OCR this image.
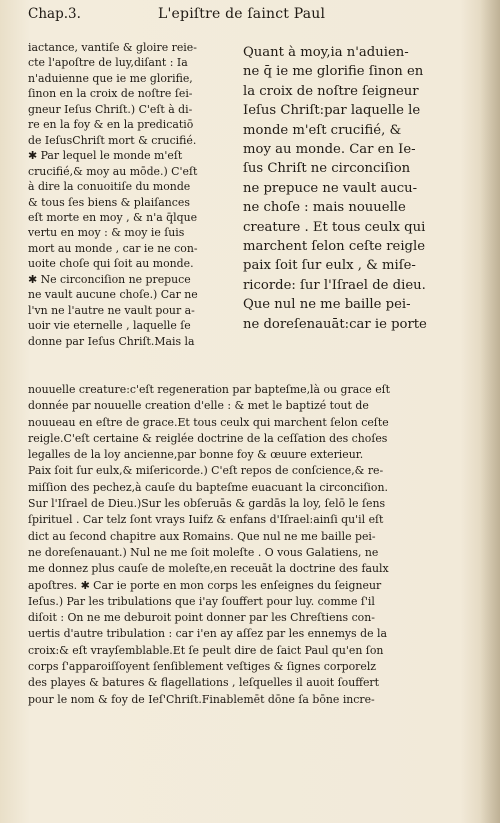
Chap.3.	L'epiſtre de ſainct Paul
iactance, vantiſe & gloire reie-
cte l'apoſtre de luy,diſant : Ia
n'aduienne que ie me glorifie,
ſinon en la croix de noſtre ſei-
gneur Ieſus Chriſt.) C'eſt à di-
re en la foy & en la predicatiō
de IeſusChriſt mort & crucifié.
✱ Par lequel le monde m'eſt
crucifié,& moy au mōde.) C'eſt
à dire la conuoitiſe du monde
& tous ſes biens & plaiſances
eſt morte en moy , & n'a q̄lque
vertu en moy : & moy ie ſuis
mort au monde , car ie ne con-
uoite choſe qui ſoit au monde.
✱ Ne circonciſion ne prepuce
ne vault aucune choſe.) Car ne
l'vn ne l'autre ne vault pour a-
uoir vie eternelle , laquelle ſe
donne par Ieſus Chriſt.Mais la
Quant à moy,ia n'aduien-
ne q̄ ie me glorifie ſinon en
la croix de noſtre ſeigneur
Ieſus Chriſt:par laquelle le
monde m'eſt crucifié, &
moy au monde. Car en Ie-
ſus Chriſt ne circonciſion
ne prepuce ne vault aucu-
ne choſe : mais nouuelle
creature . Et tous ceulx qui
marchent ſelon ceſte reigle
paix ſoit ſur eulx , & miſe-
ricorde: ſur l'Iſrael de dieu.
Que nul ne me baille pei-
ne doreſenauāt:car ie porte
nouuelle creature:c'eſt regeneration par bapteſme,là ou grace eſt
donnée par nouuelle creation d'elle : & met le baptizé tout de
nouueau en eſtre de grace.Et tous ceulx qui marchent ſelon ceſte
reigle.C'eſt certaine & reiglée doctrine de la ceſſation des choſes
legalles de la loy ancienne,par bonne foy & œuure exterieur.
Paix ſoit ſur eulx,& miſericorde.) C'eſt repos de conſcience,& re-
miſſion des pechez,à cauſe du bapteſme euacuant la circonciſion.
Sur l'Iſrael de Dieu.)Sur les obſeruās & gardās la loy, ſelō le ſens
ſpirituel . Car telz ſont vrays Iuifz & enfans d'Iſrael:ainſi qu'il eſt
dict au ſecond chapitre aux Romains. Que nul ne me baille pei-
ne doreſenauant.) Nul ne me ſoit moleſte . O vous Galatiens, ne
me donnez plus cauſe de moleſte,en receuāt la doctrine des faulx
apoſtres. ✱ Car ie porte en mon corps les enſeignes du ſeigneur
Ieſus.) Par les tribulations que i'ay ſouffert pour luy. comme ſ'il
diſoit : On ne me deburoit point donner par les Chreſtiens con-
uertis d'autre tribulation : car i'en ay aſſez par les ennemys de la
croix:& eſt vrayſemblable.Et ſe peult dire de ſaict Paul qu'en ſon
corps ſ'apparoiſſoyent ſenſiblement veſtiges & ſignes corporelz
des playes & batures & flagellations , leſquelles il auoit ſouffert
pour le nom & foy de Ieſ'Chriſt.Finablemēt dōne ſa bōne incre-
